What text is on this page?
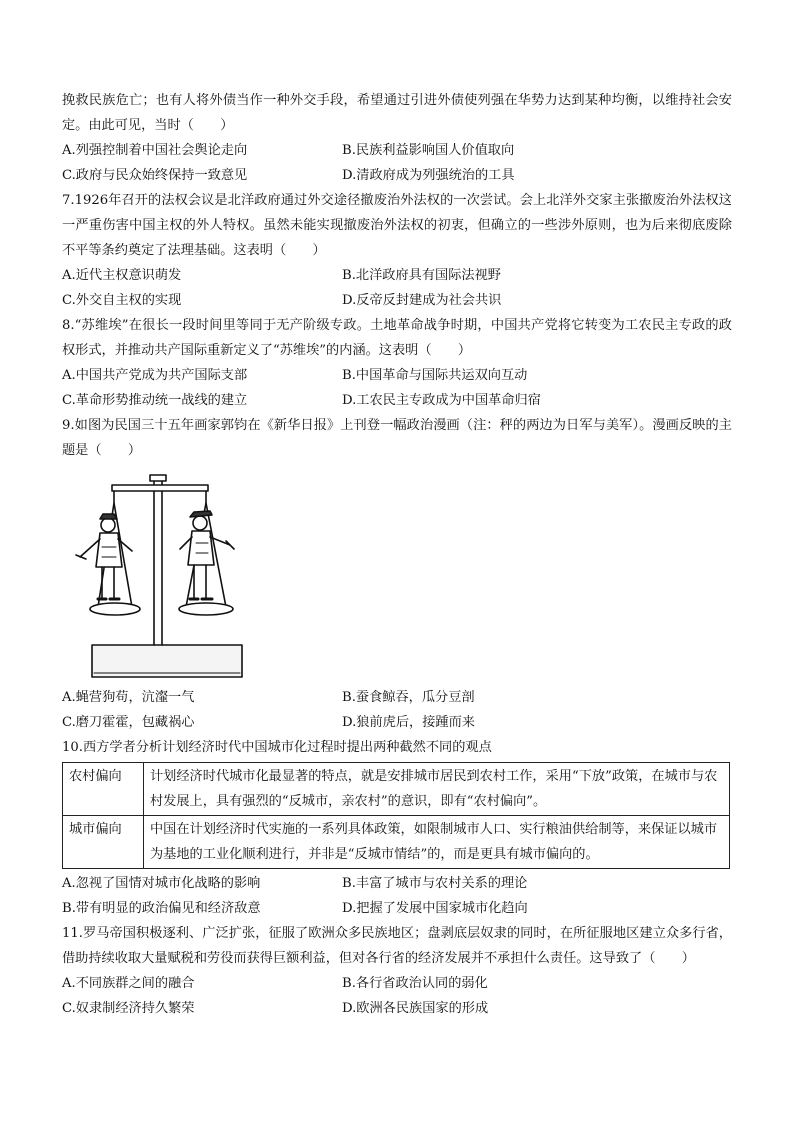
挽救民族危亡；也有人将外债当作一种外交手段，希望通过引进外债使列强在华势力达到某种均衡，以维持社会安定。由此可见，当时（　　）

A.列强控制着中国社会舆论走向	B.民族利益影响国人价值取向
C.政府与民众始终保持一致意见	D.清政府成为列强统治的工具

7.1926年召开的法权会议是北洋政府通过外交途径撤废治外法权的一次尝试。会上北洋外交家主张撤废治外法权这一严重伤害中国主权的外人特权。虽然未能实现撤废治外法权的初衷，但确立的一些涉外原则，也为后来彻底废除不平等条约奠定了法理基础。这表明（　　）

A.近代主权意识萌发	B.北洋政府具有国际法视野
C.外交自主权的实现	D.反帝反封建成为社会共识

8.“苏维埃”在很长一段时间里等同于无产阶级专政。土地革命战争时期，中国共产党将它转变为工农民主专政的政权形式，并推动共产国际重新定义了“苏维埃”的内涵。这表明（　　）

A.中国共产党成为共产国际支部	B.中国革命与国际共运双向互动
C.革命形势推动统一战线的建立	D.工农民主专政成为中国革命归宿

9.如图为民国三十五年画家郭钧在《新华日报》上刊登一幅政治漫画（注：秤的两边为日军与美军）。漫画反映的主题是（　　）

A.蝇营狗苟，沆瀣一气	B.蚕食鲸吞，瓜分豆剖
C.磨刀霍霍，包藏祸心	D.狼前虎后，接踵而来

10.西方学者分析计划经济时代中国城市化过程时提出两种截然不同的观点

农村偏向	计划经济时代城市化最显著的特点，就是安排城市居民到农村工作，采用“下放”政策，在城市与农村发展上，具有强烈的“反城市，亲农村”的意识，即有“农村偏向”。
城市偏向	中国在计划经济时代实施的一系列具体政策，如限制城市人口、实行粮油供给制等，来保证以城市为基地的工业化顺利进行，并非是“反城市情结”的，而是更具有城市偏向的。
A.忽视了国情对城市化战略的影响	B.丰富了城市与农村关系的理论
B.带有明显的政治偏见和经济敌意	D.把握了发展中国家城市化趋向

11.罗马帝国积极逐利、广泛扩张，征服了欧洲众多民族地区；盘剥底层奴隶的同时，在所征服地区建立众多行省，借助持续收取大量赋税和劳役而获得巨额利益，但对各行省的经济发展并不承担什么责任。这导致了（　　）

A.不同族群之间的融合	B.各行省政治认同的弱化
C.奴隶制经济持久繁荣	D.欧洲各民族国家的形成
